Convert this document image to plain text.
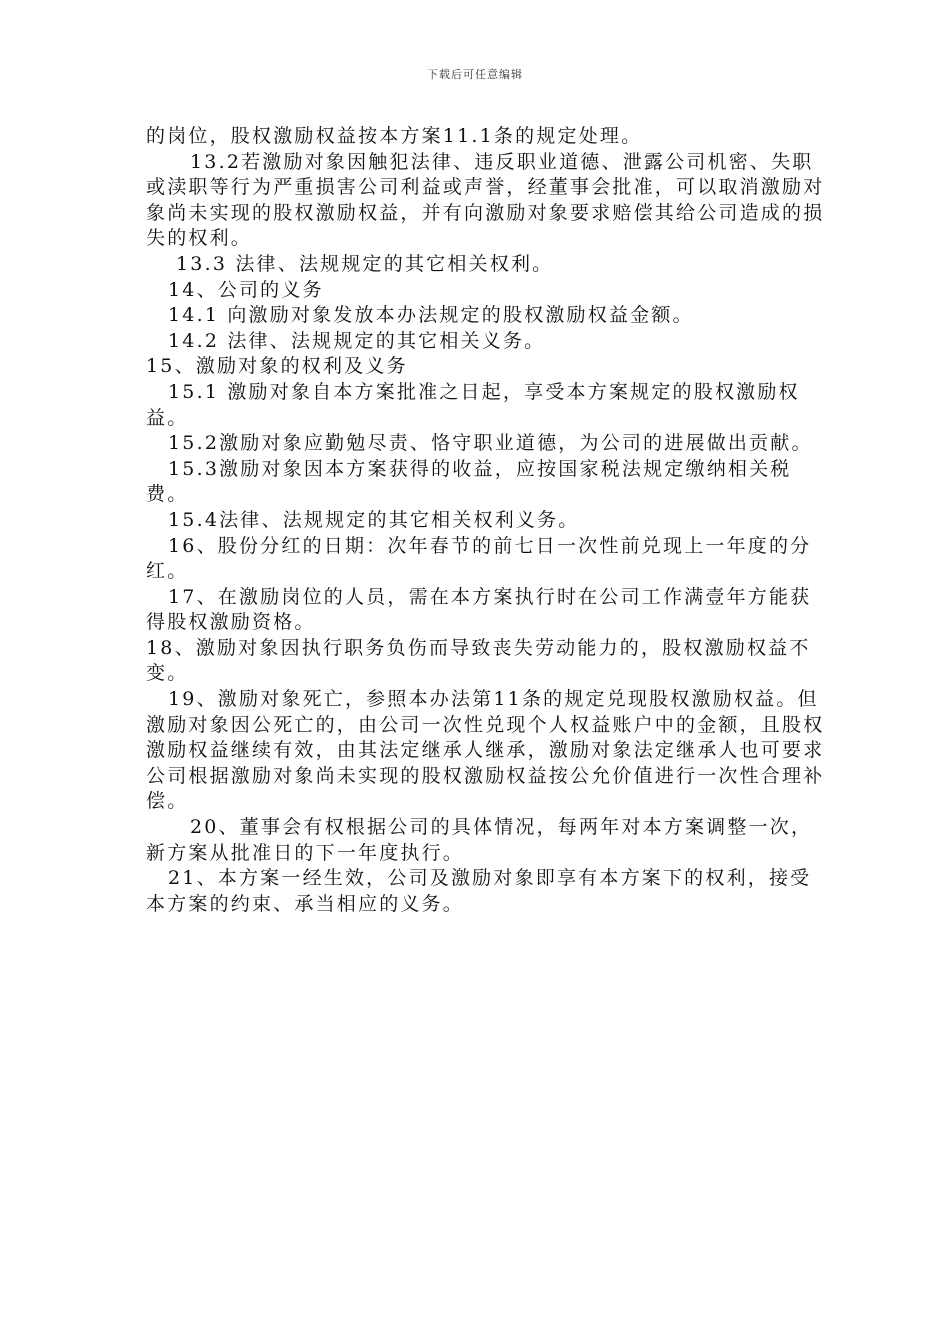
下载后可任意编辑

的岗位，股权激励权益按本方案11.1条的规定处理。

13.2若激励对象因触犯法律、违反职业道德、泄露公司机密、失职或渎职等行为严重损害公司利益或声誉，经董事会批准，可以取消激励对象尚未实现的股权激励权益，并有向激励对象要求赔偿其给公司造成的损失的权利。

13.3 法律、法规规定的其它相关权利。

14、公司的义务

14.1 向激励对象发放本办法规定的股权激励权益金额。

14.2 法律、法规规定的其它相关义务。

15、激励对象的权利及义务

15.1 激励对象自本方案批准之日起，享受本方案规定的股权激励权益。

15.2激励对象应勤勉尽责、恪守职业道德，为公司的进展做出贡献。

15.3激励对象因本方案获得的收益，应按国家税法规定缴纳相关税费。

15.4法律、法规规定的其它相关权利义务。

16、股份分红的日期：次年春节的前七日一次性前兑现上一年度的分红。

17、在激励岗位的人员，需在本方案执行时在公司工作满壹年方能获得股权激励资格。

18、激励对象因执行职务负伤而导致丧失劳动能力的，股权激励权益不变。

19、激励对象死亡，参照本办法第11条的规定兑现股权激励权益。但激励对象因公死亡的，由公司一次性兑现个人权益账户中的金额，且股权激励权益继续有效，由其法定继承人继承，激励对象法定继承人也可要求公司根据激励对象尚未实现的股权激励权益按公允价值进行一次性合理补偿。

20、董事会有权根据公司的具体情况，每两年对本方案调整一次，新方案从批准日的下一年度执行。

21、本方案一经生效，公司及激励对象即享有本方案下的权利，接受本方案的约束、承当相应的义务。
